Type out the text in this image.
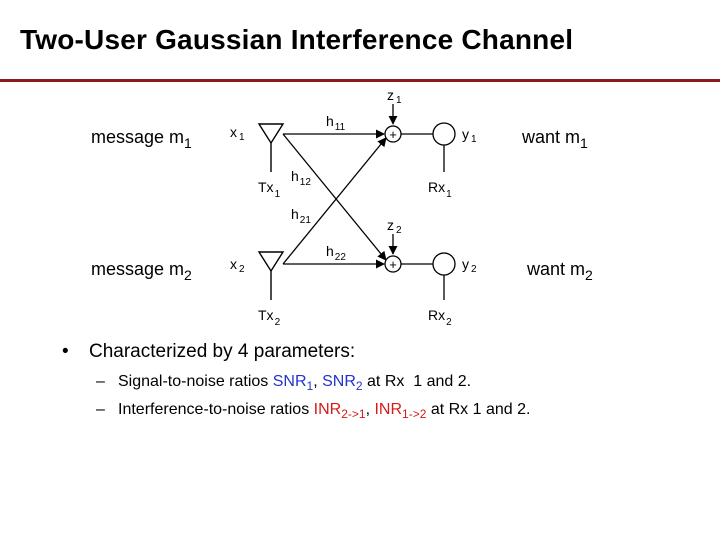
Two-User Gaussian Interference Channel
message $m_1$
message $m_2$
want $m_1$
want $m_2$
+
+
x $_1$
x $_2$
$Tx_1$
$Tx_2$
$h_{11}$
$h_{12}$
$h_{21}$
$h_{22}$
z $_1$
z $_2$
y $_1$
y $_2$
$Rx_1$
$Rx_2$
• Characterized by 4 parameters:
– Signal-to-noise ratios $SNR_1$, $SNR_2$ at Rx  1 and 2.
– Interference-to-noise ratios $INR_{2->1}$, $INR_{1->2}$ at Rx 1 and 2.
